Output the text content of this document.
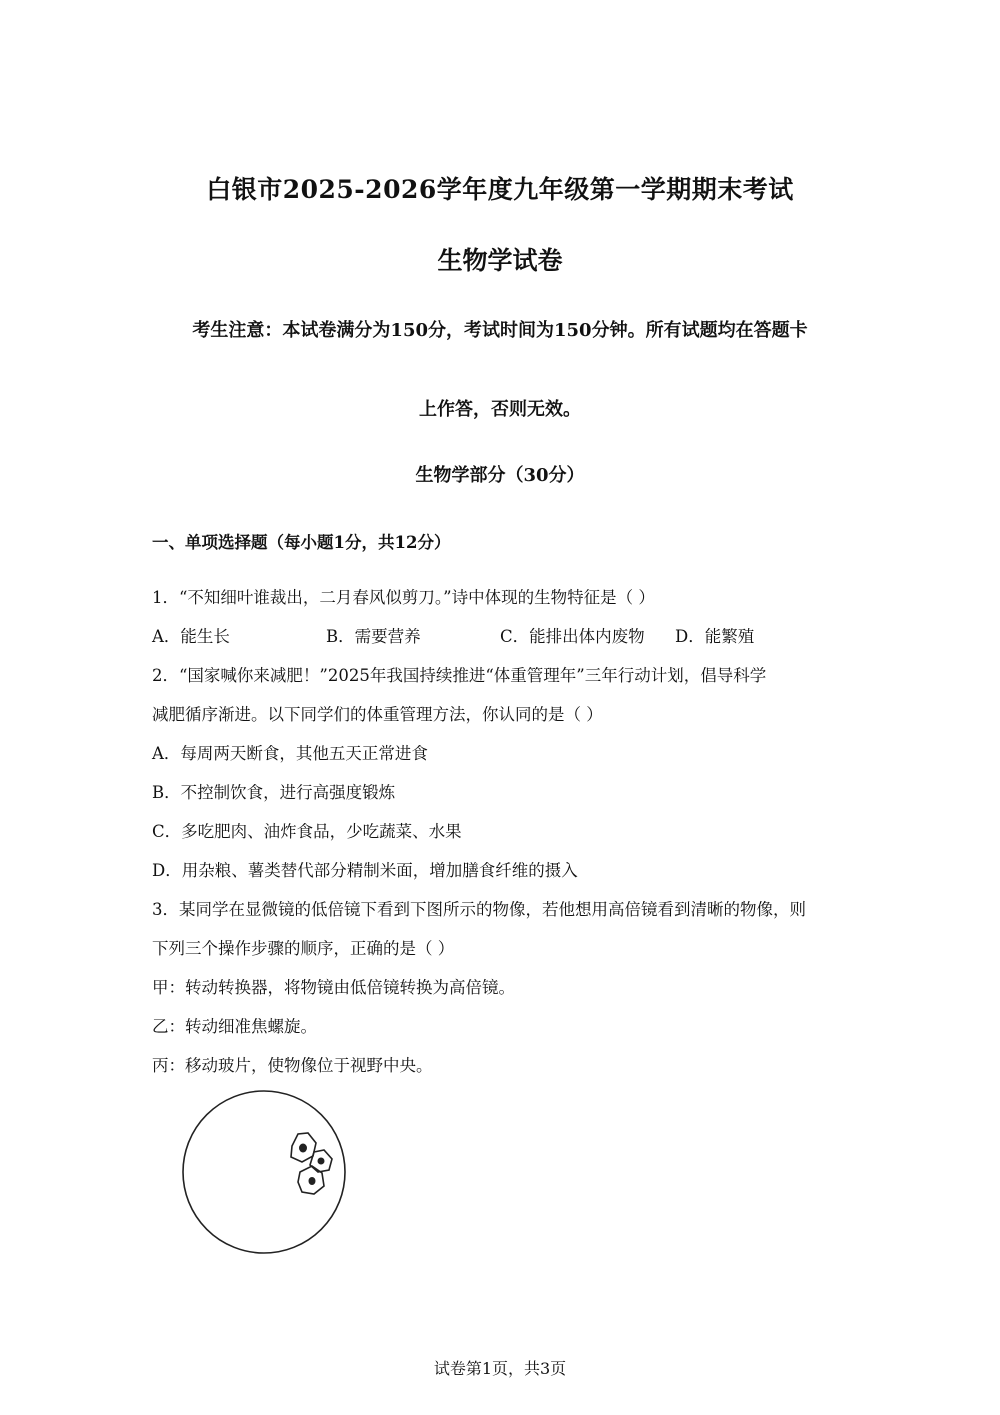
白银市2025-2026学年度九年级第一学期期末考试
生物学试卷
考生注意：本试卷满分为150分，考试时间为150分钟。所有试题均在答题卡
上作答，否则无效。
生物学部分（30分）
一、单项选择题（每小题1分，共12分）
1．“不知细叶谁裁出，二月春风似剪刀。”诗中体现的生物特征是（ ）
A．能生长	B．需要营养	C．能排出体内废物 D．能繁殖
2．“国家喊你来减肥！”2025年我国持续推进“体重管理年”三年行动计划，倡导科学
减肥循序渐进。以下同学们的体重管理方法，你认同的是（ ）
A．每周两天断食，其他五天正常进食
B．不控制饮食，进行高强度锻炼
C．多吃肥肉、油炸食品，少吃蔬菜、水果
D．用杂粮、薯类替代部分精制米面，增加膳食纤维的摄入
3．某同学在显微镜的低倍镜下看到下图所示的物像，若他想用高倍镜看到清晰的物像，则
下列三个操作步骤的顺序，正确的是（ ）
甲：转动转换器，将物镜由低倍镜转换为高倍镜。
乙：转动细准焦螺旋。
丙：移动玻片，使物像位于视野中央。
试卷第1页，共3页
